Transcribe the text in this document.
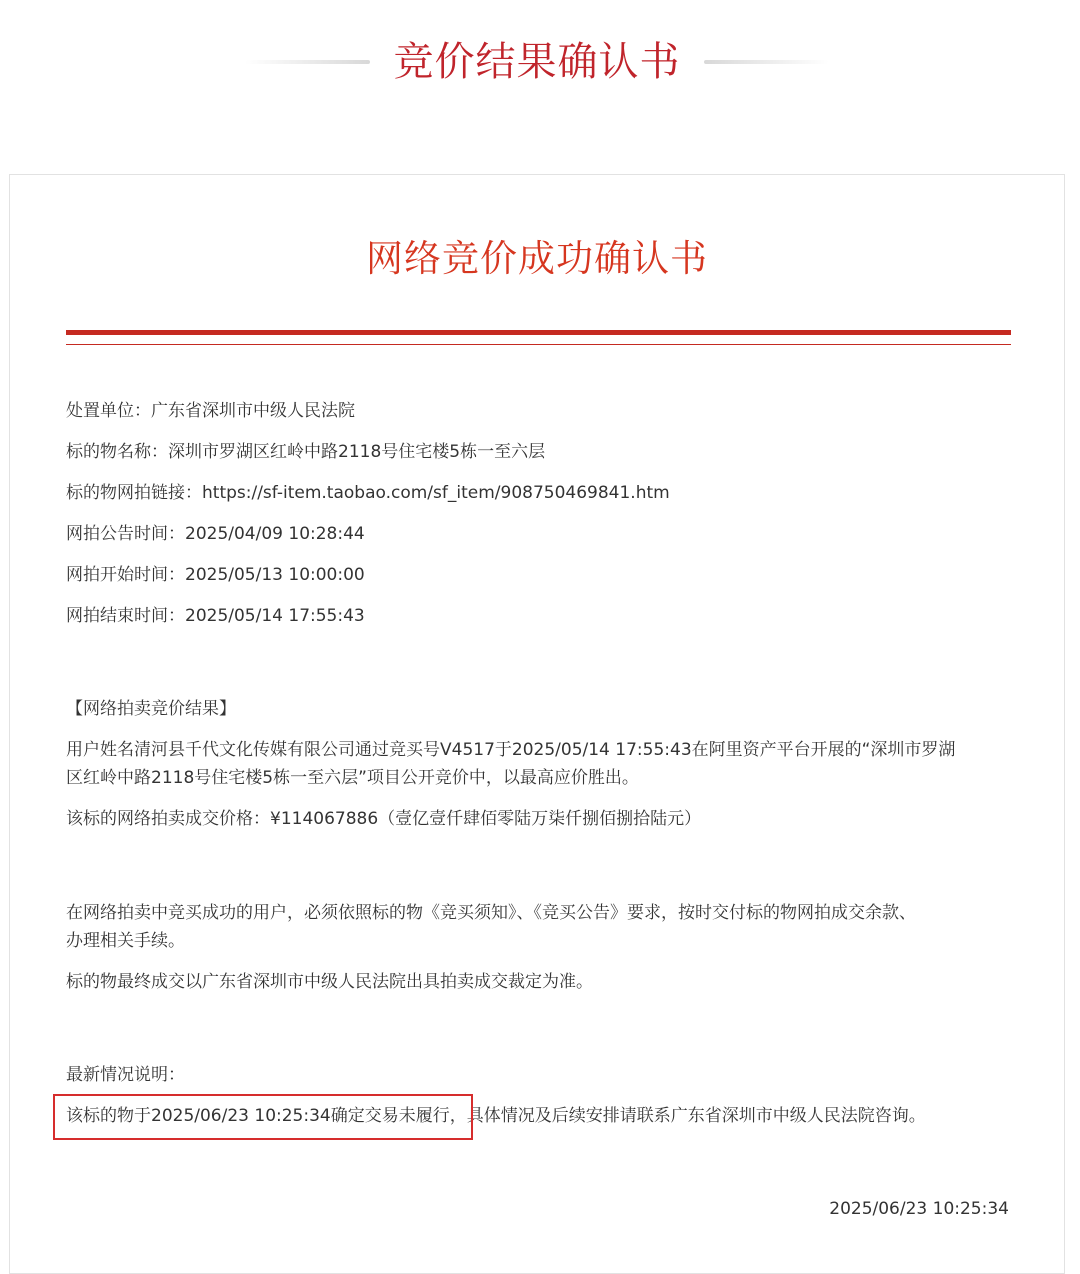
竞价结果确认书
网络竞价成功确认书
处置单位：广东省深圳市中级人民法院
标的物名称：深圳市罗湖区红岭中路2118号住宅楼5栋一至六层
标的物网拍链接：https://sf-item.taobao.com/sf_item/908750469841.htm
网拍公告时间：2025/04/09 10:28:44
网拍开始时间：2025/05/13 10:00:00
网拍结束时间：2025/05/14 17:55:43
【网络拍卖竞价结果】
用户姓名清河县千代文化传媒有限公司通过竞买号V4517于2025/05/14 17:55:43在阿里资产平台开展的“深圳市罗湖
区红岭中路2118号住宅楼5栋一至六层”项目公开竞价中，以最高应价胜出。
该标的网络拍卖成交价格：¥114067886（壹亿壹仟肆佰零陆万柒仟捌佰捌拾陆元）
在网络拍卖中竞买成功的用户，必须依照标的物《竞买须知》、《竞买公告》要求，按时交付标的物网拍成交余款、
办理相关手续。
标的物最终成交以广东省深圳市中级人民法院出具拍卖成交裁定为准。
最新情况说明：
该标的物于2025/06/23 10:25:34确定交易未履行，具体情况及后续安排请联系广东省深圳市中级人民法院咨询。
2025/06/23 10:25:34
